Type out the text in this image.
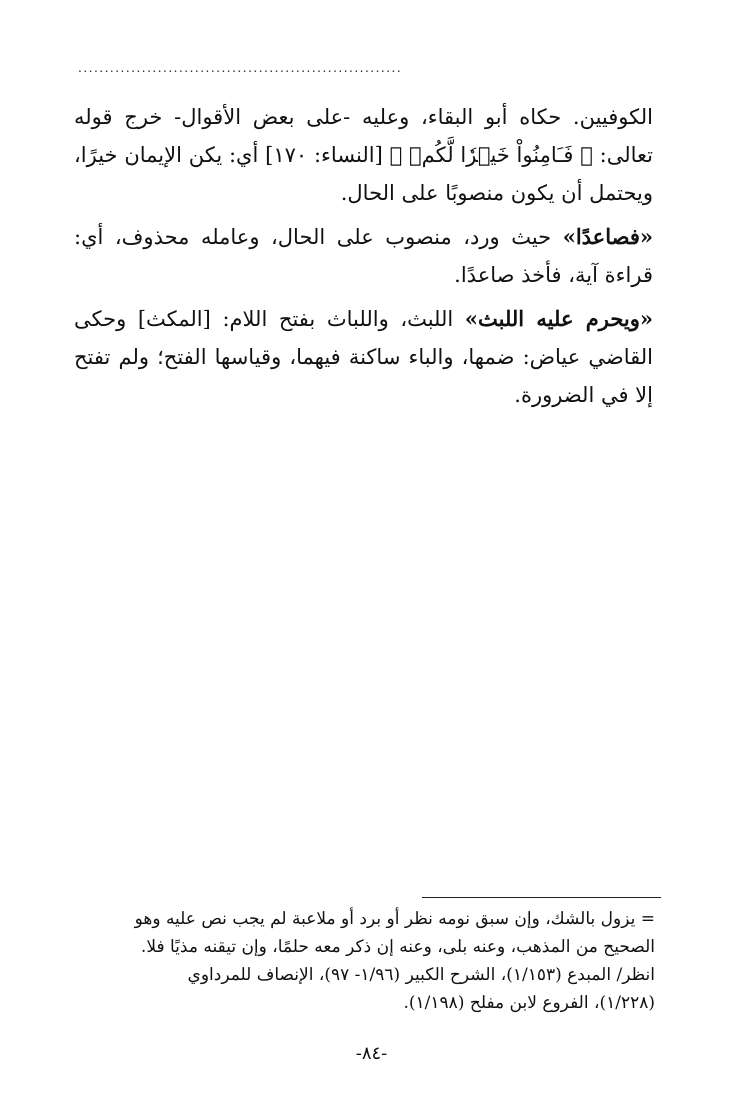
.............................................................

الكوفيين. حكاه أبو البقاء، وعليه -على بعض الأقوال- خرج قوله تعالى: ﴿ فَـَامِنُواْ خَيۡرٗا لَّكُمۡ ﴾ [النساء: ١٧٠] أي: يكن الإيمان خيرًا، ويحتمل أن يكون منصوبًا على الحال.

«فصاعدًا» حيث ورد، منصوب على الحال، وعامله محذوف، أي: قراءة آية، فأخذ صاعدًا.

«ويحرم عليه اللبث» اللبث، واللباث بفتح اللام: [المكث] وحكى القاضي عياض: ضمها، والباء ساكنة فيهما، وقياسها الفتح؛ ولم تفتح إلا في الضرورة.

= يزول بالشك، وإن سبق نومه نظر أو برد أو ملاعبة لم يجب نص عليه وهو

الصحيح من المذهب، وعنه بلى، وعنه إن ذكر معه حلمًا، وإن تيقنه مذيًا فلا.

انظر/ المبدع (١/١٥٣)، الشرح الكبير (١/٩٦- ٩٧)، الإنصاف للمرداوي

(١/٢٢٨)، الفروع لابن مفلح (١/١٩٨).

-٨٤-
